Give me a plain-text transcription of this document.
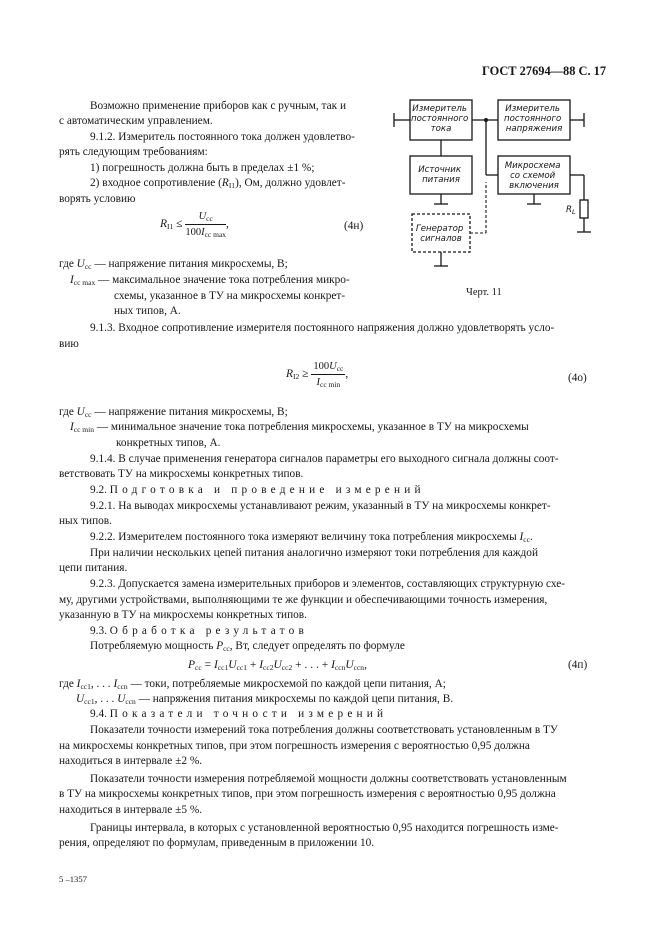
ГОСТ 27694—88 С. 17
Возможно применение приборов как с ручным, так и
с автоматическим управлением.
9.1.2. Измеритель постоянного тока должен удовлетво-
рять следующим требованиям:
1) погрешность должна быть в пределах ±1 %;
2) входное сопротивление $(R_{I1})$, Ом, должно удовлет-
ворять условию
$R_{I1} \le \frac{U_{cc}}{100I_{cc max}}$ ,	(4н)
где $U_{cc}$ — напряжение питания микросхемы, В;
$I_{cc max}$ — максимальное значение тока потребления микро-
схемы, указанное в ТУ на микросхемы конкрет-
ных типов, А.
Измеритель постоянного тока
Измеритель постоянного напряжения
Источник питания
Микросхема со схемой включения
Генератор сигналов
$R_L$
Черт. 11
9.1.3. Входное сопротивление измерителя постоянного напряжения должно удовлетворять усло-
вию
$R_{I2} \ge \frac{100U_{cc}}{I_{cc min}}$ ,	(4о)
где $U_{cc}$ — напряжение питания микросхемы, В;
$I_{cc min}$ — минимальное значение тока потребления микросхемы, указанное в ТУ на микросхемы
конкретных типов, А.
9.1.4. В случае применения генератора сигналов параметры его выходного сигнала должны соот-
ветствовать ТУ на микросхемы конкретных типов.
9.2. Подготовка и проведение измерений
9.2.1. На выводах микросхемы устанавливают режим, указанный в ТУ на микросхемы конкрет-
ных типов.
9.2.2. Измерителем постоянного тока измеряют величину тока потребления микросхемы $I_{cc}$.
При наличии нескольких цепей питания аналогично измеряют токи потребления для каждой
цепи питания.
9.2.3. Допускается замена измерительных приборов и элементов, составляющих структурную схе-
му, другими устройствами, выполняющими те же функции и обеспечивающими точность измерения,
указанную в ТУ на микросхемы конкретных типов.
9.3. Обработка результатов
Потребляемую мощность $P_{cc}$, Вт, следует определять по формуле
$P_{cc} = I_{cc1}U_{cc1} + I_{cc2}U_{cc2}$ + . . . + $I_{ccn}U_{ccn}$,	(4п)
где $I_{cc1}$, . . . $I_{ccn}$ — токи, потребляемые микросхемой по каждой цепи питания, А;
$U_{cc1}$, . . . $U_{ccn}$ — напряжения питания микросхемы по каждой цепи питания, В.
9.4. Показатели точности измерений
Показатели точности измерений тока потребления должны соответствовать установленным в ТУ
на микросхемы конкретных типов, при этом погрешность измерения с вероятностью 0,95 должна
находиться в интервале ±2 %.
Показатели точности измерения потребляемой мощности должны соответствовать установленным
в ТУ на микросхемы конкретных типов, при этом погрешность измерения с вероятностью 0,95 должна
находиться в интервале ±5 %.
Границы интервала, в которых с установленной вероятностью 0,95 находится погрешность изме-
рения, определяют по формулам, приведенным в приложении 10.
5 –1357
